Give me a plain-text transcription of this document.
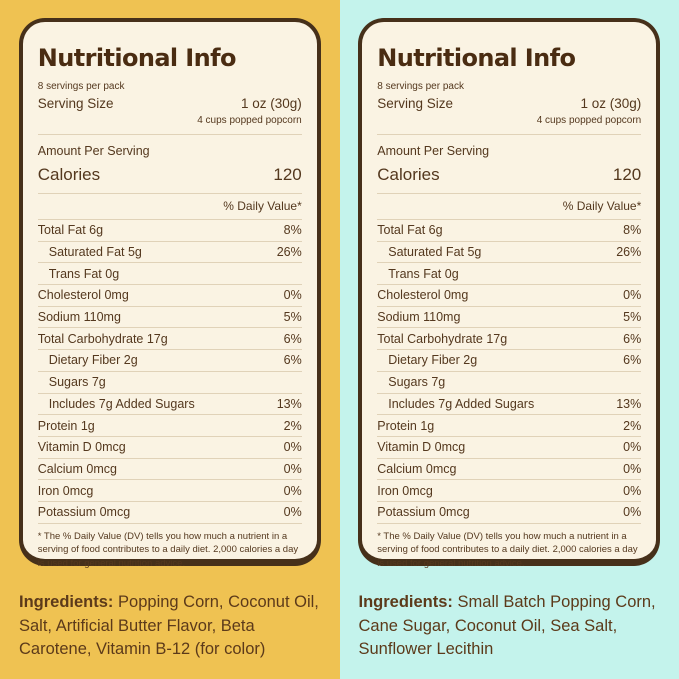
Nutritional Info
8 servings per pack
Serving Size	1 oz (30g)
4 cups popped popcorn
Amount Per Serving
Calories	120
% Daily Value*
Total Fat 6g	8%
Saturated Fat 5g	26%
Trans Fat 0g
Cholesterol 0mg	0%
Sodium 110mg	5%
Total Carbohydrate 17g	6%
Dietary Fiber 2g	6%
Sugars 7g
Includes 7g Added Sugars	13%
Protein 1g	2%
Vitamin D 0mcg	0%
Calcium 0mcg	0%
Iron 0mcg	0%
Potassium 0mcg	0%
* The % Daily Value (DV) tells you how much a nutrient in a serving of food contributes to a daily diet. 2,000 calories a day is used for general nutrition advice.

Ingredients: Popping Corn, Coconut Oil, Salt, Artificial Butter Flavor, Beta Carotene, Vitamin B-12 (for color)

Nutritional Info
8 servings per pack
Serving Size	1 oz (30g)
4 cups popped popcorn
Amount Per Serving
Calories	120
% Daily Value*
Total Fat 6g	8%
Saturated Fat 5g	26%
Trans Fat 0g
Cholesterol 0mg	0%
Sodium 110mg	5%
Total Carbohydrate 17g	6%
Dietary Fiber 2g	6%
Sugars 7g
Includes 7g Added Sugars	13%
Protein 1g	2%
Vitamin D 0mcg	0%
Calcium 0mcg	0%
Iron 0mcg	0%
Potassium 0mcg	0%
* The % Daily Value (DV) tells you how much a nutrient in a serving of food contributes to a daily diet. 2,000 calories a day is used for general nutrition advice.

Ingredients: Small Batch Popping Corn, Cane Sugar, Coconut Oil, Sea Salt, Sunflower Lecithin
